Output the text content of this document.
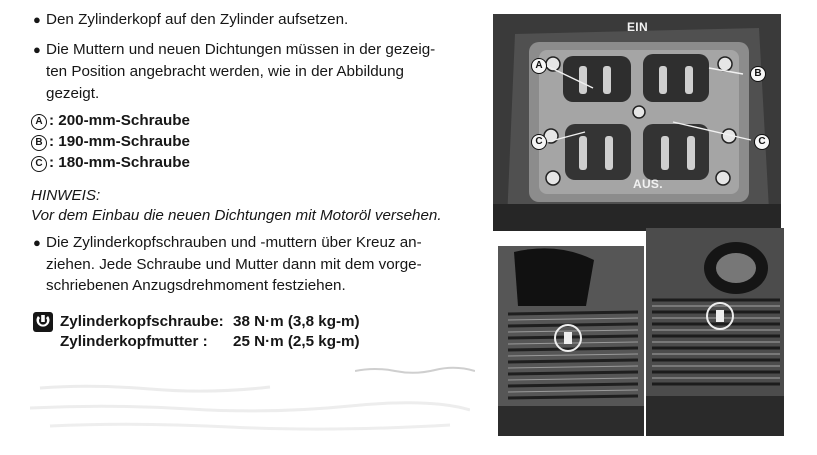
● Den Zylinderkopf auf den Zylinder aufsetzen.
● Die Muttern und neuen Dichtungen müssen in der gezeig-
ten Position angebracht werden, wie in der Abbildung
gezeigt.
A : 200-mm-Schraube
B : 190-mm-Schraube
C : 180-mm-Schraube
HINWEIS:
Vor dem Einbau die neuen Dichtungen mit Motoröl versehen.
● Die Zylinderkopfschrauben und -muttern über Kreuz an-
ziehen. Jede Schraube und Mutter dann mit dem vorge-
schriebenen Anzugsdrehmoment festziehen.
Zylinderkopfschraube: 38 N·m (3,8 kg-m)
Zylinderkopfmutter : 25 N·m (2,5 kg-m)
EIN
AUS.
A
B
C	C
